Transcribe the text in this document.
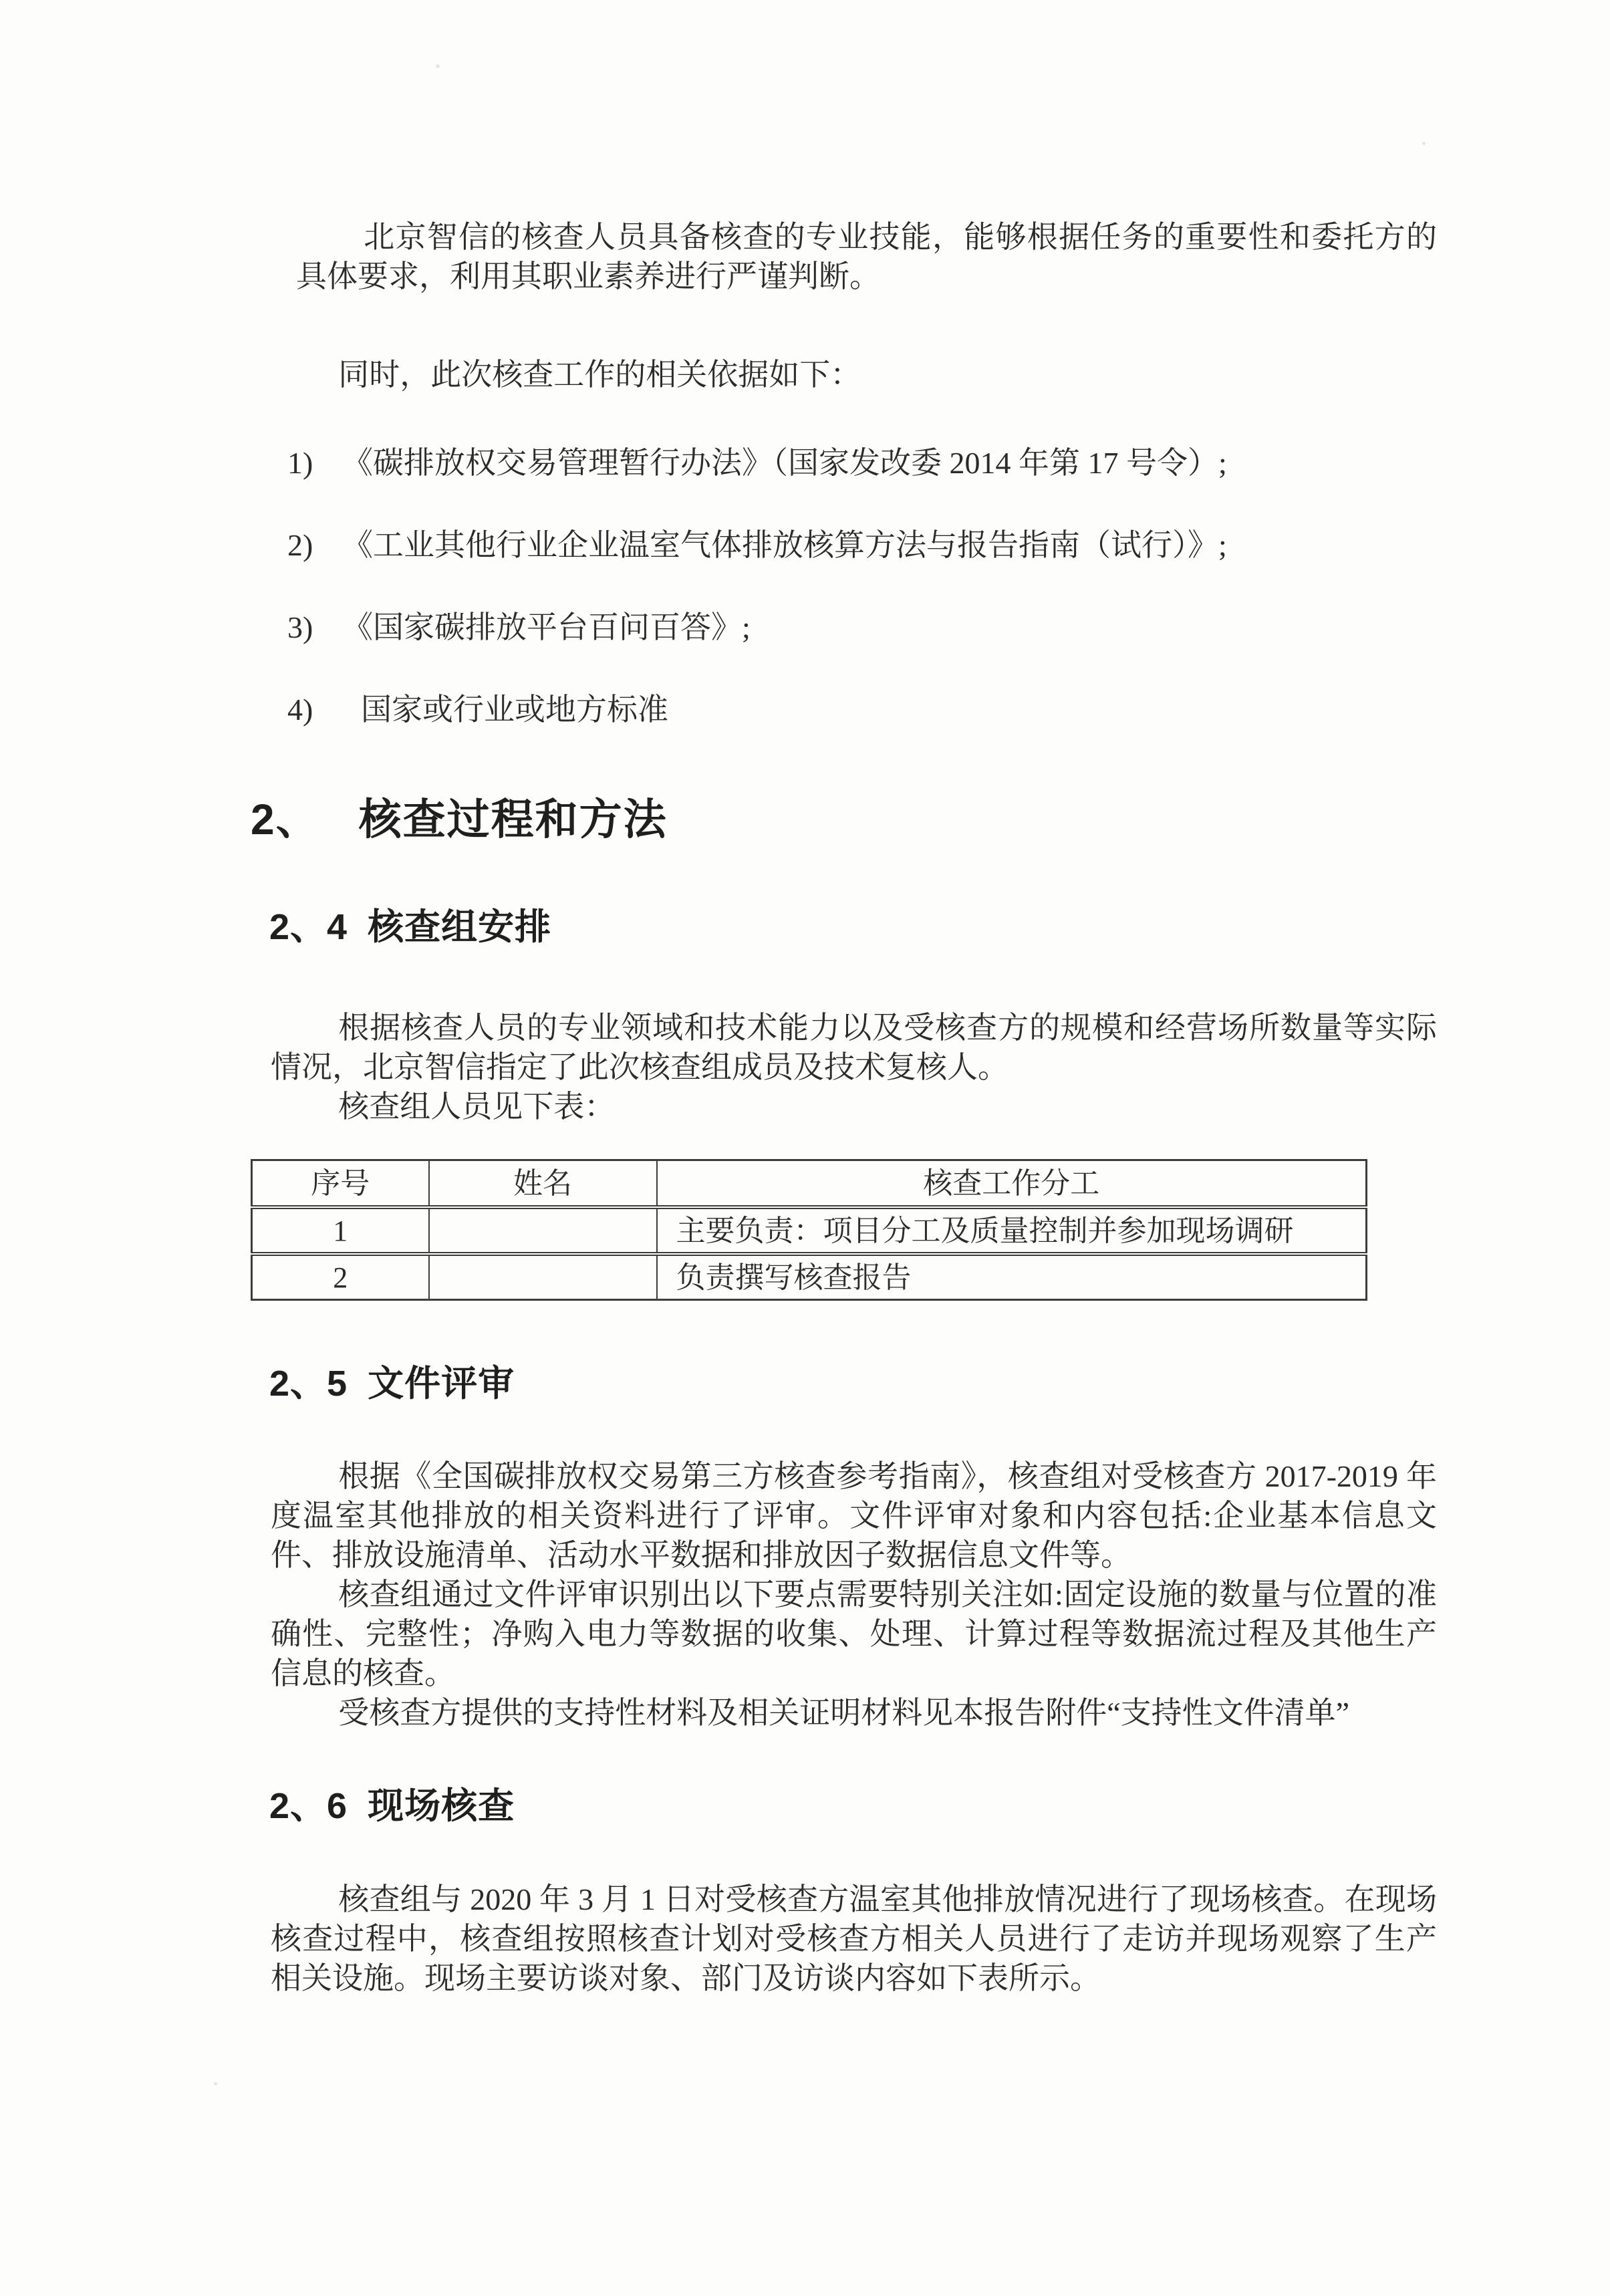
北京智信的核查人员具备核查的专业技能，能够根据任务的重要性和委托方的具体要求，利用其职业素养进行严谨判断。

同时，此次核查工作的相关依据如下：

1) 《碳排放权交易管理暂行办法》（国家发改委 2014 年第 17 号令）;
2) 《工业其他行业企业温室气体排放核算方法与报告指南（试行）》;
3) 《国家碳排放平台百问百答》;
4)	国家或行业或地方标准
2、 核查过程和方法
2、4 核查组安排

根据核查人员的专业领域和技术能力以及受核查方的规模和经营场所数量等实际情况，北京智信指定了此次核查组成员及技术复核人。

核查组人员见下表：

序号	姓名	核查工作分工
1		主要负责：项目分工及质量控制并参加现场调研
2		负责撰写核查报告
2、5 文件评审

根据《全国碳排放权交易第三方核查参考指南》，核查组对受核查方 2017-2019 年度温室其他排放的相关资料进行了评审。文件评审对象和内容包括:企业基本信息文件、排放设施清单、活动水平数据和排放因子数据信息文件等。

核查组通过文件评审识别出以下要点需要特别关注如:固定设施的数量与位置的准确性、完整性；净购入电力等数据的收集、处理、计算过程等数据流过程及其他生产信息的核查。

受核查方提供的支持性材料及相关证明材料见本报告附件“支持性文件清单”

2、6 现场核查

核查组与 2020 年 3 月 1 日对受核查方温室其他排放情况进行了现场核查。在现场核查过程中，核查组按照核查计划对受核查方相关人员进行了走访并现场观察了生产相关设施。现场主要访谈对象、部门及访谈内容如下表所示。
